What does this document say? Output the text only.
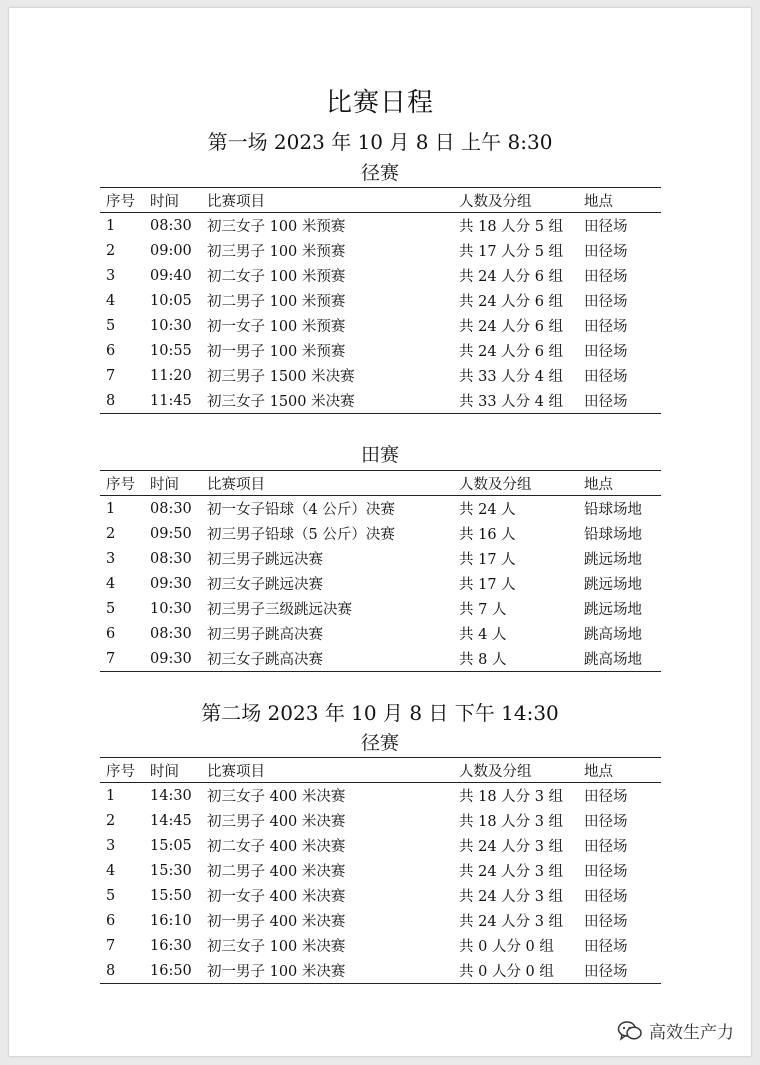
比赛日程
第一场 2023 年 10 月 8 日 上午 8:30
径赛
序号	时间	比赛项目	人数及分组	地点
1	08:30	初三女子 100 米预赛	共 18 人分 5 组	田径场
2	09:00	初三男子 100 米预赛	共 17 人分 5 组	田径场
3	09:40	初二女子 100 米预赛	共 24 人分 6 组	田径场
4	10:05	初二男子 100 米预赛	共 24 人分 6 组	田径场
5	10:30	初一女子 100 米预赛	共 24 人分 6 组	田径场
6	10:55	初一男子 100 米预赛	共 24 人分 6 组	田径场
7	11:20	初三男子 1500 米决赛	共 33 人分 4 组	田径场
8	11:45	初三女子 1500 米决赛	共 33 人分 4 组	田径场
田赛
序号	时间	比赛项目	人数及分组	地点
1	08:30	初一女子铅球（4 公斤）决赛	共 24 人	铅球场地
2	09:50	初三男子铅球（5 公斤）决赛	共 16 人	铅球场地
3	08:30	初三男子跳远决赛	共 17 人	跳远场地
4	09:30	初三女子跳远决赛	共 17 人	跳远场地
5	10:30	初三男子三级跳远决赛	共 7 人	跳远场地
6	08:30	初三男子跳高决赛	共 4 人	跳高场地
7	09:30	初三女子跳高决赛	共 8 人	跳高场地
第二场 2023 年 10 月 8 日 下午 14:30
径赛
序号	时间	比赛项目	人数及分组	地点
1	14:30	初三女子 400 米决赛	共 18 人分 3 组	田径场
2	14:45	初三男子 400 米决赛	共 18 人分 3 组	田径场
3	15:05	初二女子 400 米决赛	共 24 人分 3 组	田径场
4	15:30	初二男子 400 米决赛	共 24 人分 3 组	田径场
5	15:50	初一女子 400 米决赛	共 24 人分 3 组	田径场
6	16:10	初一男子 400 米决赛	共 24 人分 3 组	田径场
7	16:30	初三女子 100 米决赛	共 0 人分 0 组	田径场
8	16:50	初一男子 100 米决赛	共 0 人分 0 组	田径场
高效生产力
